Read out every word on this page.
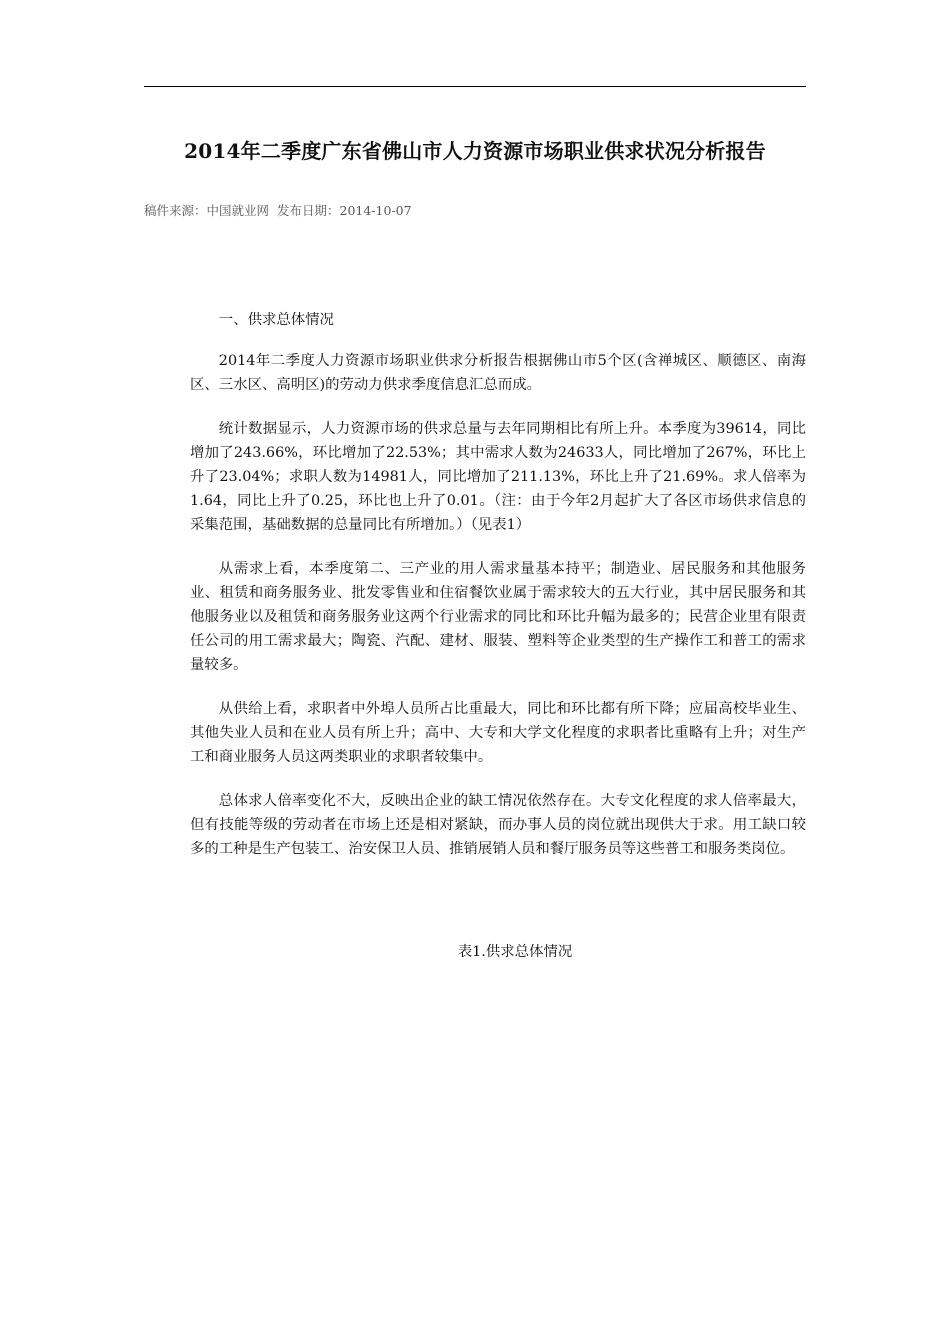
2014年二季度广东省佛山市人力资源市场职业供求状况分析报告
稿件来源：中国就业网 发布日期：2014-10-07

一、供求总体情况

2014年二季度人力资源市场职业供求分析报告根据佛山市5个区(含禅城区、顺德区、南海区、三水区、高明区)的劳动力供求季度信息汇总而成。

统计数据显示，人力资源市场的供求总量与去年同期相比有所上升。本季度为39614，同比增加了243.66%，环比增加了22.53%；其中需求人数为24633人，同比增加了267%，环比上升了23.04%；求职人数为14981人，同比增加了211.13%，环比上升了21.69%。求人倍率为1.64，同比上升了0.25，环比也上升了0.01。（注：由于今年2月起扩大了各区市场供求信息的采集范围，基础数据的总量同比有所增加。）（见表1）

从需求上看，本季度第二、三产业的用人需求量基本持平；制造业、居民服务和其他服务业、租赁和商务服务业、批发零售业和住宿餐饮业属于需求较大的五大行业，其中居民服务和其他服务业以及租赁和商务服务业这两个行业需求的同比和环比升幅为最多的；民营企业里有限责任公司的用工需求最大；陶瓷、汽配、建材、服装、塑料等企业类型的生产操作工和普工的需求量较多。

从供给上看，求职者中外埠人员所占比重最大，同比和环比都有所下降；应届高校毕业生、其他失业人员和在业人员有所上升；高中、大专和大学文化程度的求职者比重略有上升；对生产工和商业服务人员这两类职业的求职者较集中。

总体求人倍率变化不大，反映出企业的缺工情况依然存在。大专文化程度的求人倍率最大，但有技能等级的劳动者在市场上还是相对紧缺，而办事人员的岗位就出现供大于求。用工缺口较多的工种是生产包装工、治安保卫人员、推销展销人员和餐厅服务员等这些普工和服务类岗位。

表1.供求总体情况
